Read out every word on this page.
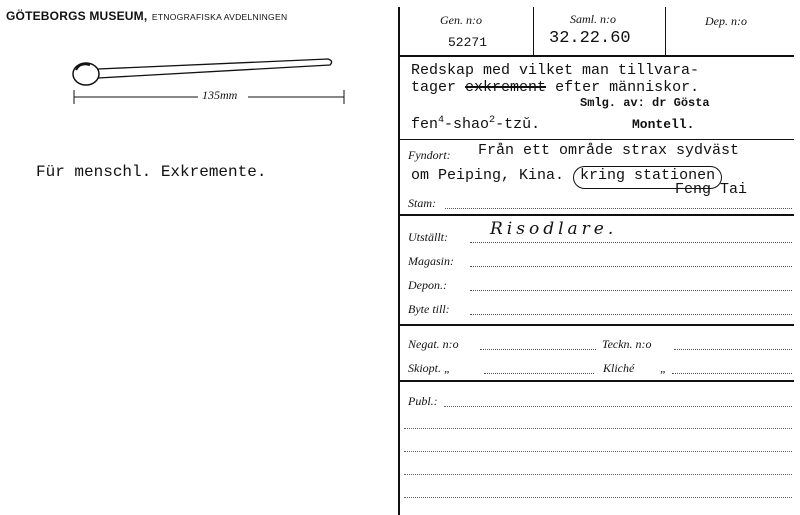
GÖTEBORGS MUSEUM, ETNOGRAFISKA AVDELNINGEN
135mm
Für menschl. Exkremente.
Gen. n:o
52271
Saml. n:o
32.22.60
Dep. n:o
Redskap med vilket man tillvara-
tager exkrement efter människor.
Smlg. av: dr Gösta
fen$^4$-shao$^2$-tzŭ.	Montell.
Fyndort: Från ett område strax sydväst
om Peiping, Kina. kring stationen
Feng Tai
Stam:
Utställt: Risodlare.
Magasin:
Depon.:
Byte till:
Negat. n:o	Teckn. n:o
Skiopt. „	Kliché „
Publ.:
